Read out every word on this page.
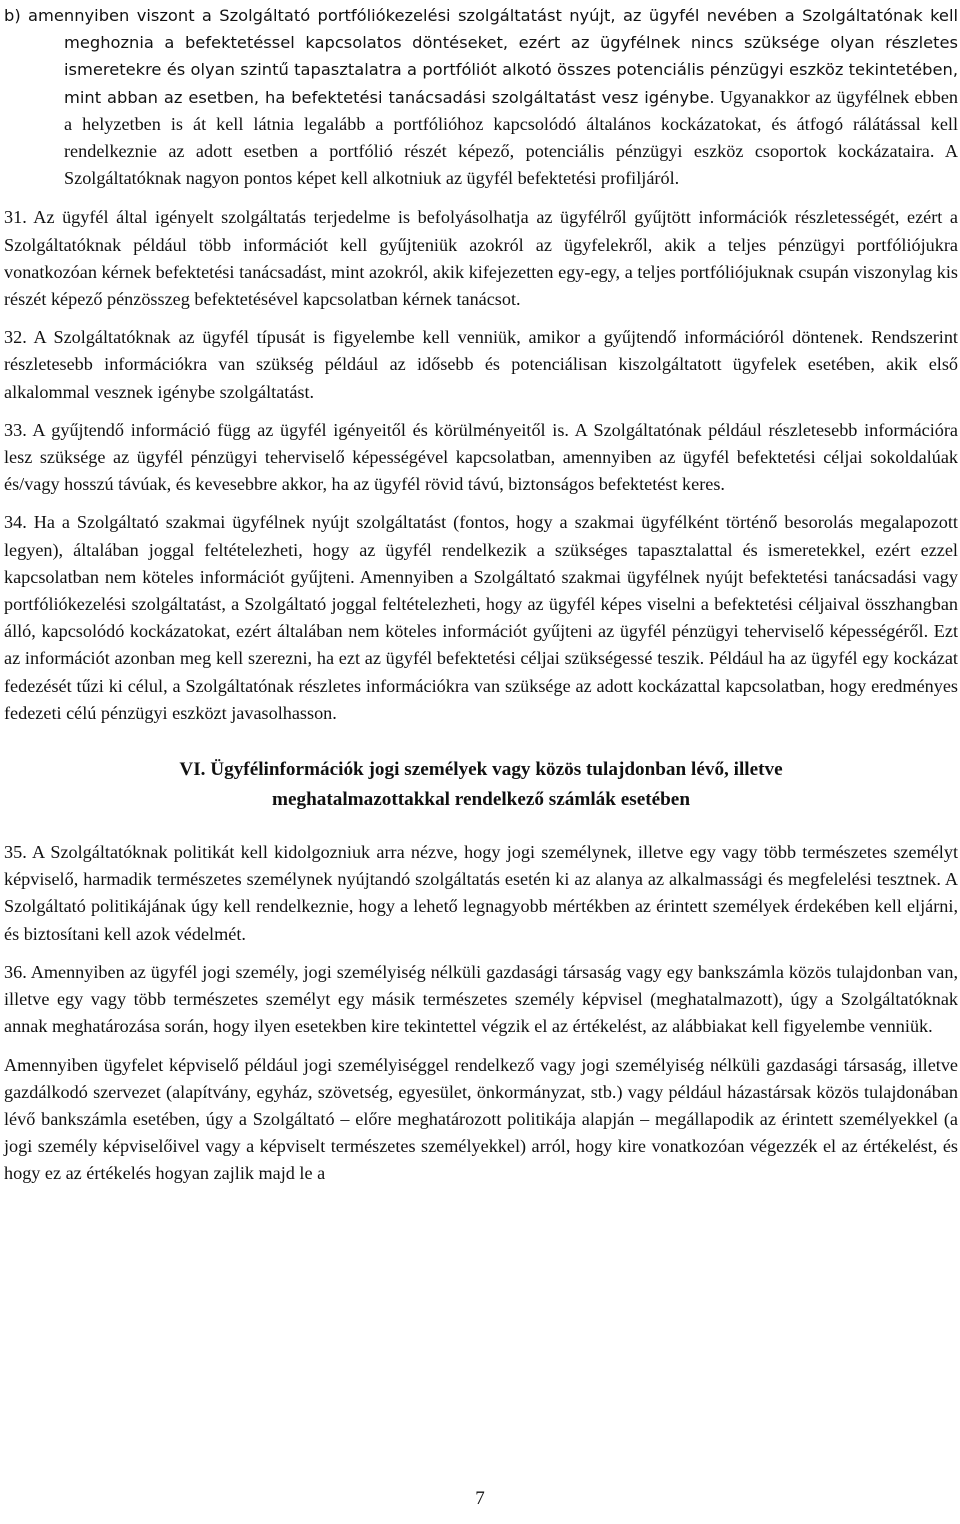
b) amennyiben viszont a Szolgáltató portfóliókezelési szolgáltatást nyújt, az ügyfél nevében a Szolgáltatónak kell meghoznia a befektetéssel kapcsolatos döntéseket, ezért az ügyfélnek nincs szüksége olyan részletes ismeretekre és olyan szintű tapasztalatra a portfóliót alkotó összes potenciális pénzügyi eszköz tekintetében, mint abban az esetben, ha befektetési tanácsadási szolgáltatást vesz igénybe. Ugyanakkor az ügyfélnek ebben a helyzetben is át kell látnia legalább a portfólióhoz kapcsolódó általános kockázatokat, és átfogó rálátással kell rendelkeznie az adott esetben a portfólió részét képező, potenciális pénzügyi eszköz csoportok kockázataira. A Szolgáltatóknak nagyon pontos képet kell alkotniuk az ügyfél befektetési profiljáról.

31. Az ügyfél által igényelt szolgáltatás terjedelme is befolyásolhatja az ügyfélről gyűjtött információk részletességét, ezért a Szolgáltatóknak például több információt kell gyűjteniük azokról az ügyfelekről, akik a teljes pénzügyi portfóliójukra vonatkozóan kérnek befektetési tanácsadást, mint azokról, akik kifejezetten egy-egy, a teljes portfóliójuknak csupán viszonylag kis részét képező pénzösszeg befektetésével kapcsolatban kérnek tanácsot.

32. A Szolgáltatóknak az ügyfél típusát is figyelembe kell venniük, amikor a gyűjtendő információról döntenek. Rendszerint részletesebb információkra van szükség például az idősebb és potenciálisan kiszolgáltatott ügyfelek esetében, akik első alkalommal vesznek igénybe szolgáltatást.

33. A gyűjtendő információ függ az ügyfél igényeitől és körülményeitől is. A Szolgáltatónak például részletesebb információra lesz szüksége az ügyfél pénzügyi teherviselő képességével kapcsolatban, amennyiben az ügyfél befektetési céljai sokoldalúak és/vagy hosszú távúak, és kevesebbre akkor, ha az ügyfél rövid távú, biztonságos befektetést keres.

34. Ha a Szolgáltató szakmai ügyfélnek nyújt szolgáltatást (fontos, hogy a szakmai ügyfélként történő besorolás megalapozott legyen), általában joggal feltételezheti, hogy az ügyfél rendelkezik a szükséges tapasztalattal és ismeretekkel, ezért ezzel kapcsolatban nem köteles információt gyűjteni. Amennyiben a Szolgáltató szakmai ügyfélnek nyújt befektetési tanácsadási vagy portfóliókezelési szolgáltatást, a Szolgáltató joggal feltételezheti, hogy az ügyfél képes viselni a befektetési céljaival összhangban álló, kapcsolódó kockázatokat, ezért általában nem köteles információt gyűjteni az ügyfél pénzügyi teherviselő képességéről. Ezt az információt azonban meg kell szerezni, ha ezt az ügyfél befektetési céljai szükségessé teszik. Például ha az ügyfél egy kockázat fedezését tűzi ki célul, a Szolgáltatónak részletes információkra van szüksége az adott kockázattal kapcsolatban, hogy eredményes fedezeti célú pénzügyi eszközt javasolhasson.

VI. Ügyfélinformációk jogi személyek vagy közös tulajdonban lévő, illetve
meghatalmazottakkal rendelkező számlák esetében

35. A Szolgáltatóknak politikát kell kidolgozniuk arra nézve, hogy jogi személynek, illetve egy vagy több természetes személyt képviselő, harmadik természetes személynek nyújtandó szolgáltatás esetén ki az alanya az alkalmassági és megfelelési tesztnek. A Szolgáltató politikájának úgy kell rendelkeznie, hogy a lehető legnagyobb mértékben az érintett személyek érdekében kell eljárni, és biztosítani kell azok védelmét.

36. Amennyiben az ügyfél jogi személy, jogi személyiség nélküli gazdasági társaság vagy egy bankszámla közös tulajdonban van, illetve egy vagy több természetes személyt egy másik természetes személy képvisel (meghatalmazott), úgy a Szolgáltatóknak annak meghatározása során, hogy ilyen esetekben kire tekintettel végzik el az értékelést, az alábbiakat kell figyelembe venniük.

Amennyiben ügyfelet képviselő például jogi személyiséggel rendelkező vagy jogi személyiség nélküli gazdasági társaság, illetve gazdálkodó szervezet (alapítvány, egyház, szövetség, egyesület, önkormányzat, stb.) vagy például házastársak közös tulajdonában lévő bankszámla esetében, úgy a Szolgáltató – előre meghatározott politikája alapján – megállapodik az érintett személyekkel (a jogi személy képviselőivel vagy a képviselt természetes személyekkel) arról, hogy kire vonatkozóan végezzék el az értékelést, és hogy ez az értékelés hogyan zajlik majd le a

7
